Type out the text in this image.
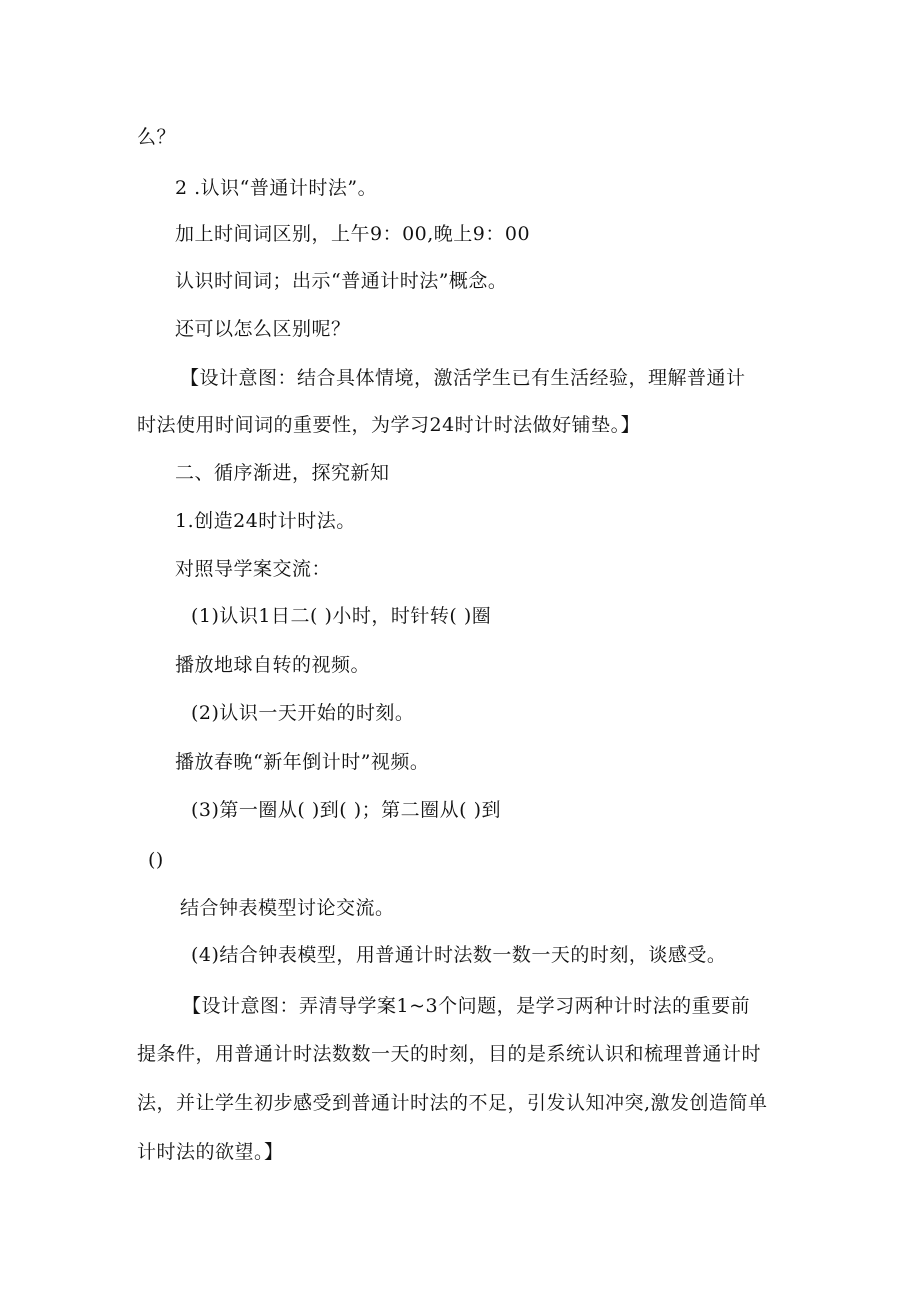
么？
2 .认识“普通计时法”。
加上时间词区别，上午9：00,晚上9：00
认识时间词；出示“普通计时法”概念。
还可以怎么区别呢？
【设计意图：结合具体情境，激活学生已有生活经验，理解普通计
时法使用时间词的重要性，为学习24时计时法做好铺垫。】
二、循序渐进，探究新知
1.创造24时计时法。
对照导学案交流：
(1)认识1日二( )小时，时针转( )圈
播放地球自转的视频。
(2)认识一天开始的时刻。
播放春晚“新年倒计时”视频。
(3)第一圈从( )到( )；第二圈从( )到
()
结合钟表模型讨论交流。
(4)结合钟表模型，用普通计时法数一数一天的时刻，谈感受。
【设计意图：弄清导学案1~3个问题，是学习两种计时法的重要前
提条件，用普通计时法数数一天的时刻，目的是系统认识和梳理普通计时
法，并让学生初步感受到普通计时法的不足，引发认知冲突,激发创造简单
计时法的欲望。】
